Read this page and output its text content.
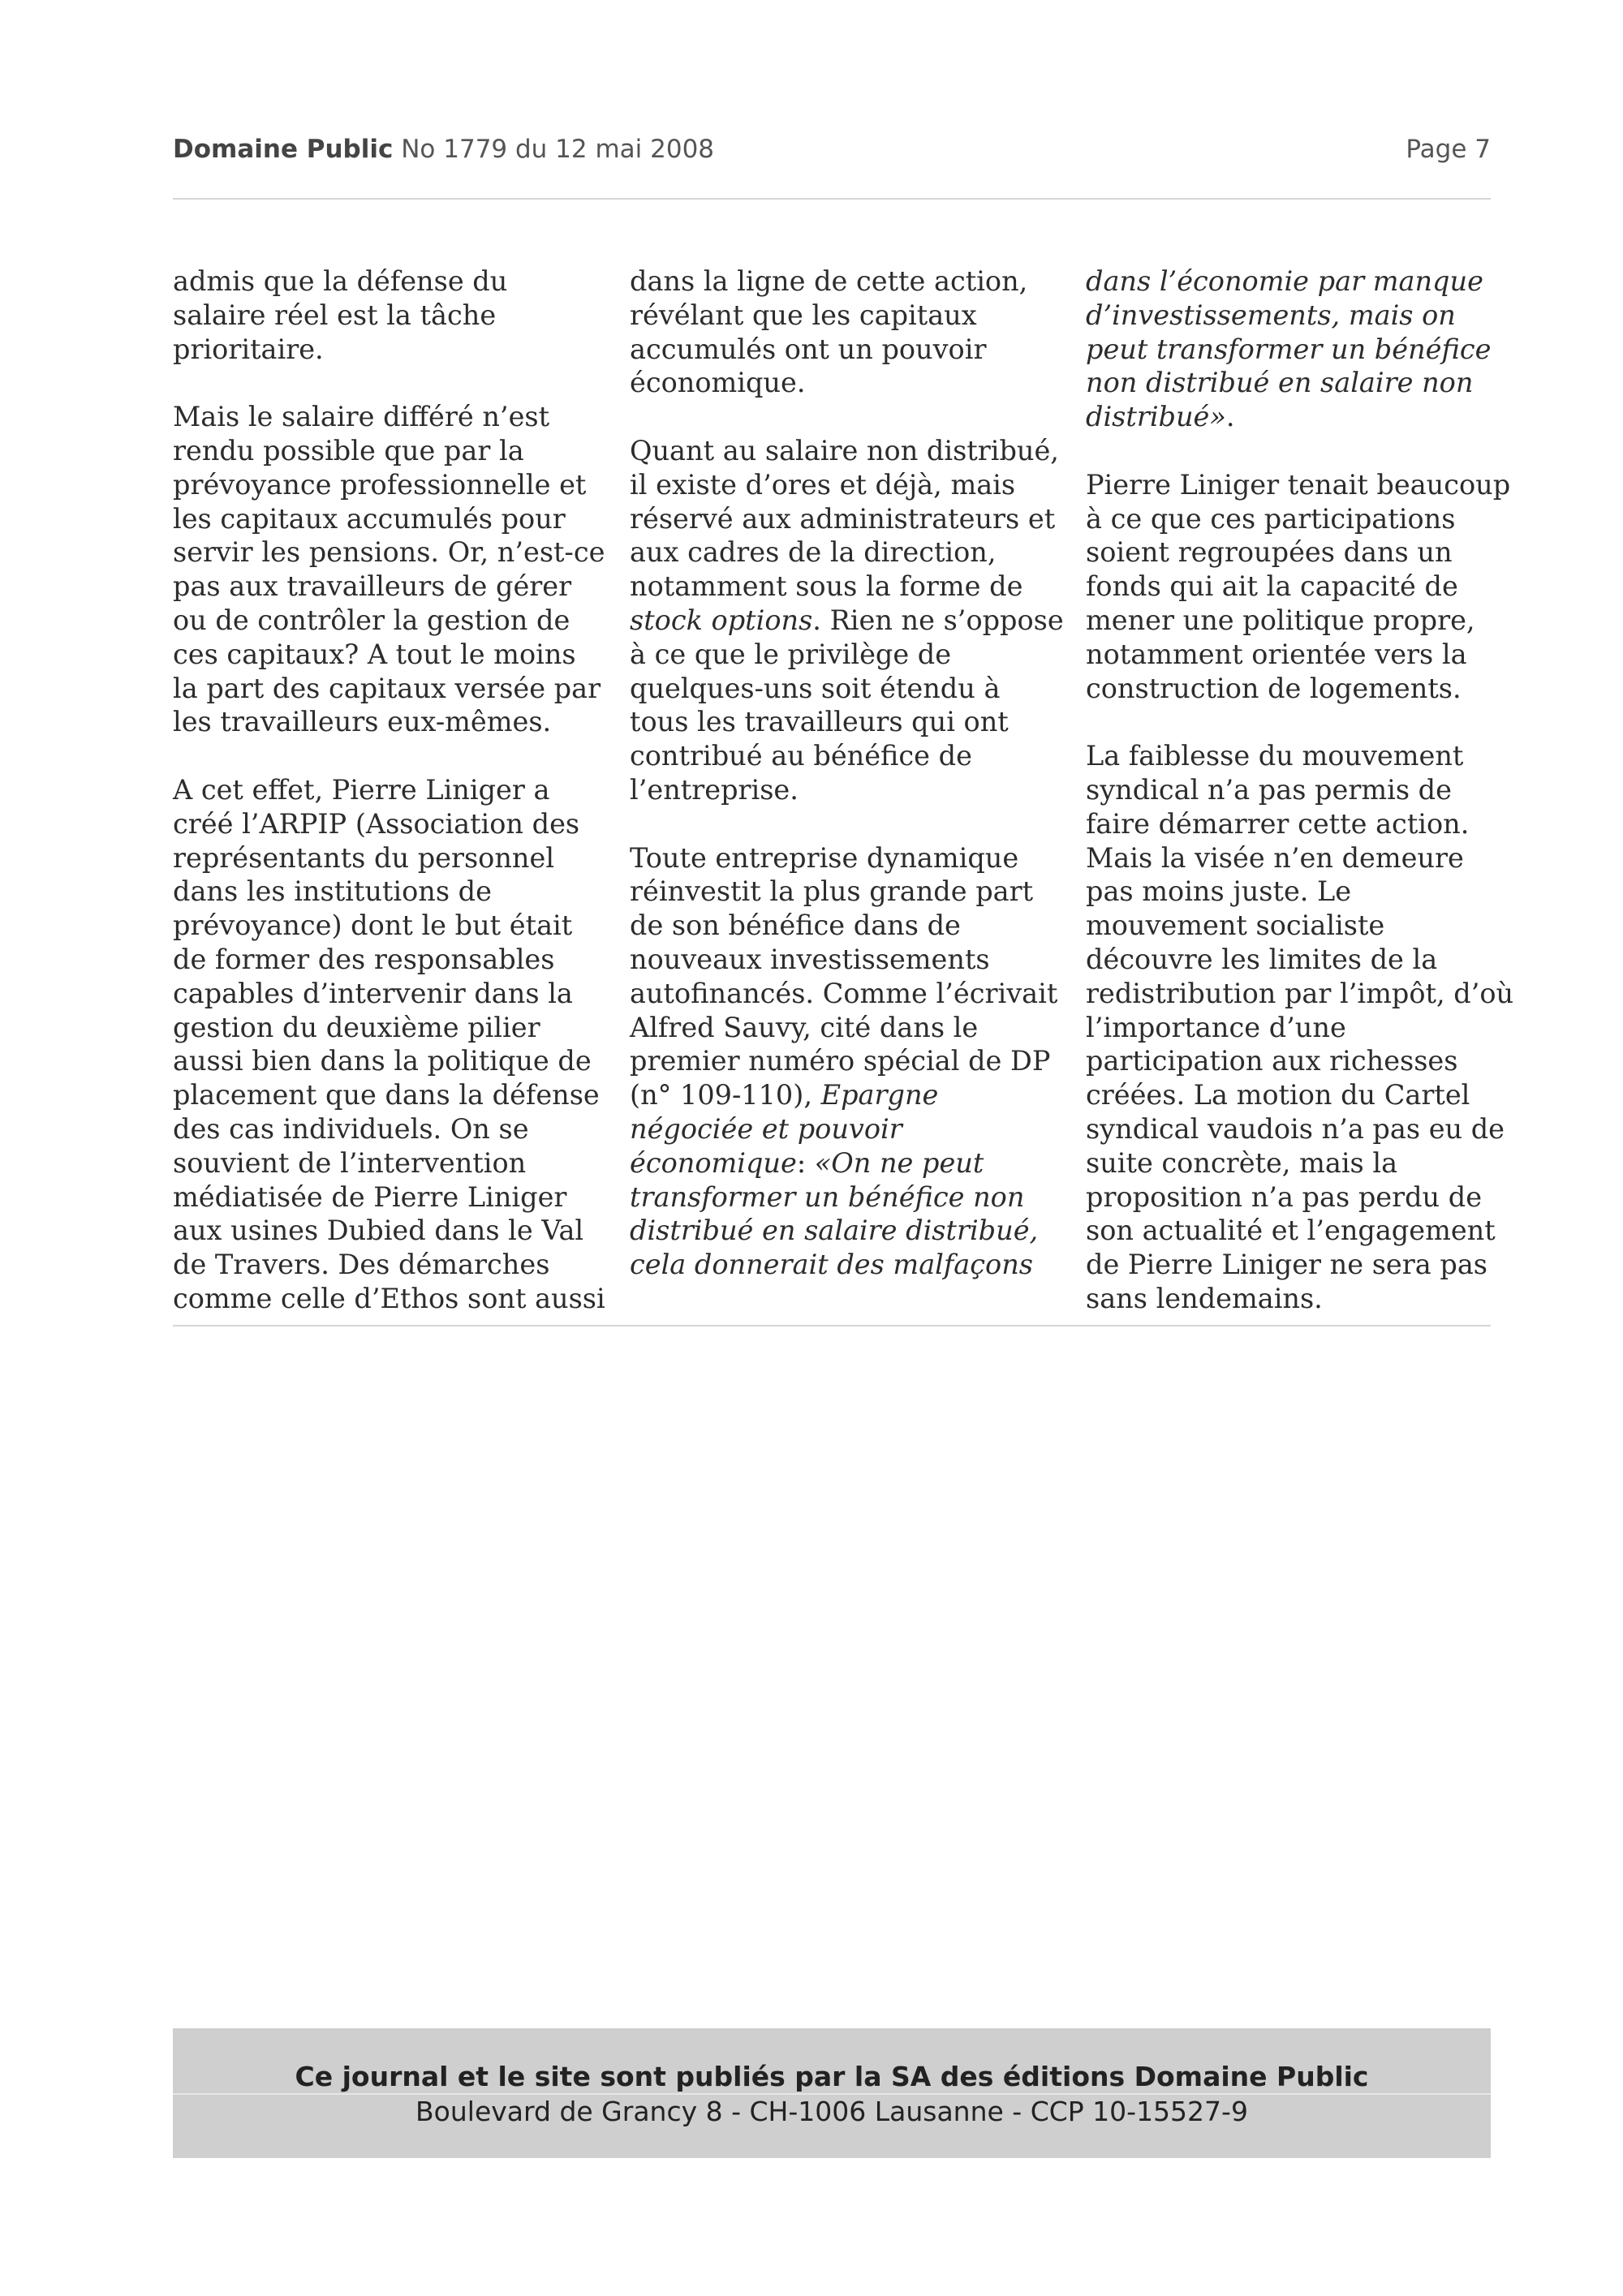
Domaine Public No 1779 du 12 mai 2008	Page 7

admis que la défense du salaire réel est la tâche prioritaire.

Mais le salaire différé n’est rendu possible que par la prévoyance professionnelle et les capitaux accumulés pour servir les pensions. Or, n’est-ce pas aux travailleurs de gérer ou de contrôler la gestion de ces capitaux? A tout le moins la part des capitaux versée par les travailleurs eux-mêmes.

A cet effet, Pierre Liniger a créé l’ARPIP (Association des représentants du personnel dans les institutions de prévoyance) dont le but était de former des responsables capables d’intervenir dans la gestion du deuxième pilier aussi bien dans la politique de placement que dans la défense des cas individuels. On se souvient de l’intervention médiatisée de Pierre Liniger aux usines Dubied dans le Val de Travers. Des démarches comme celle d’Ethos sont aussi

dans la ligne de cette action, révélant que les capitaux accumulés ont un pouvoir économique.

Quant au salaire non distribué, il existe d’ores et déjà, mais réservé aux administrateurs et aux cadres de la direction, notamment sous la forme de stock options. Rien ne s’oppose à ce que le privilège de quelques-uns soit étendu à tous les travailleurs qui ont contribué au bénéfice de l’entreprise.

Toute entreprise dynamique réinvestit la plus grande part de son bénéfice dans de nouveaux investissements autofinancés. Comme l’écrivait Alfred Sauvy, cité dans le premier numéro spécial de DP (n° 109-110), Epargne négociée et pouvoir économique: «On ne peut transformer un bénéfice non distribué en salaire distribué, cela donnerait des malfaçons

dans l’économie par manque d’investissements, mais on peut transformer un bénéfice non distribué en salaire non distribué».

Pierre Liniger tenait beaucoup à ce que ces participations soient regroupées dans un fonds qui ait la capacité de mener une politique propre, notamment orientée vers la construction de logements.

La faiblesse du mouvement syndical n’a pas permis de faire démarrer cette action. Mais la visée n’en demeure pas moins juste. Le mouvement socialiste découvre les limites de la redistribution par l’impôt, d’où l’importance d’une participation aux richesses créées. La motion du Cartel syndical vaudois n’a pas eu de suite concrète, mais la proposition n’a pas perdu de son actualité et l’engagement de Pierre Liniger ne sera pas sans lendemains.

Ce journal et le site sont publiés par la SA des éditions Domaine Public
Boulevard de Grancy 8 - CH-1006 Lausanne - CCP 10-15527-9
